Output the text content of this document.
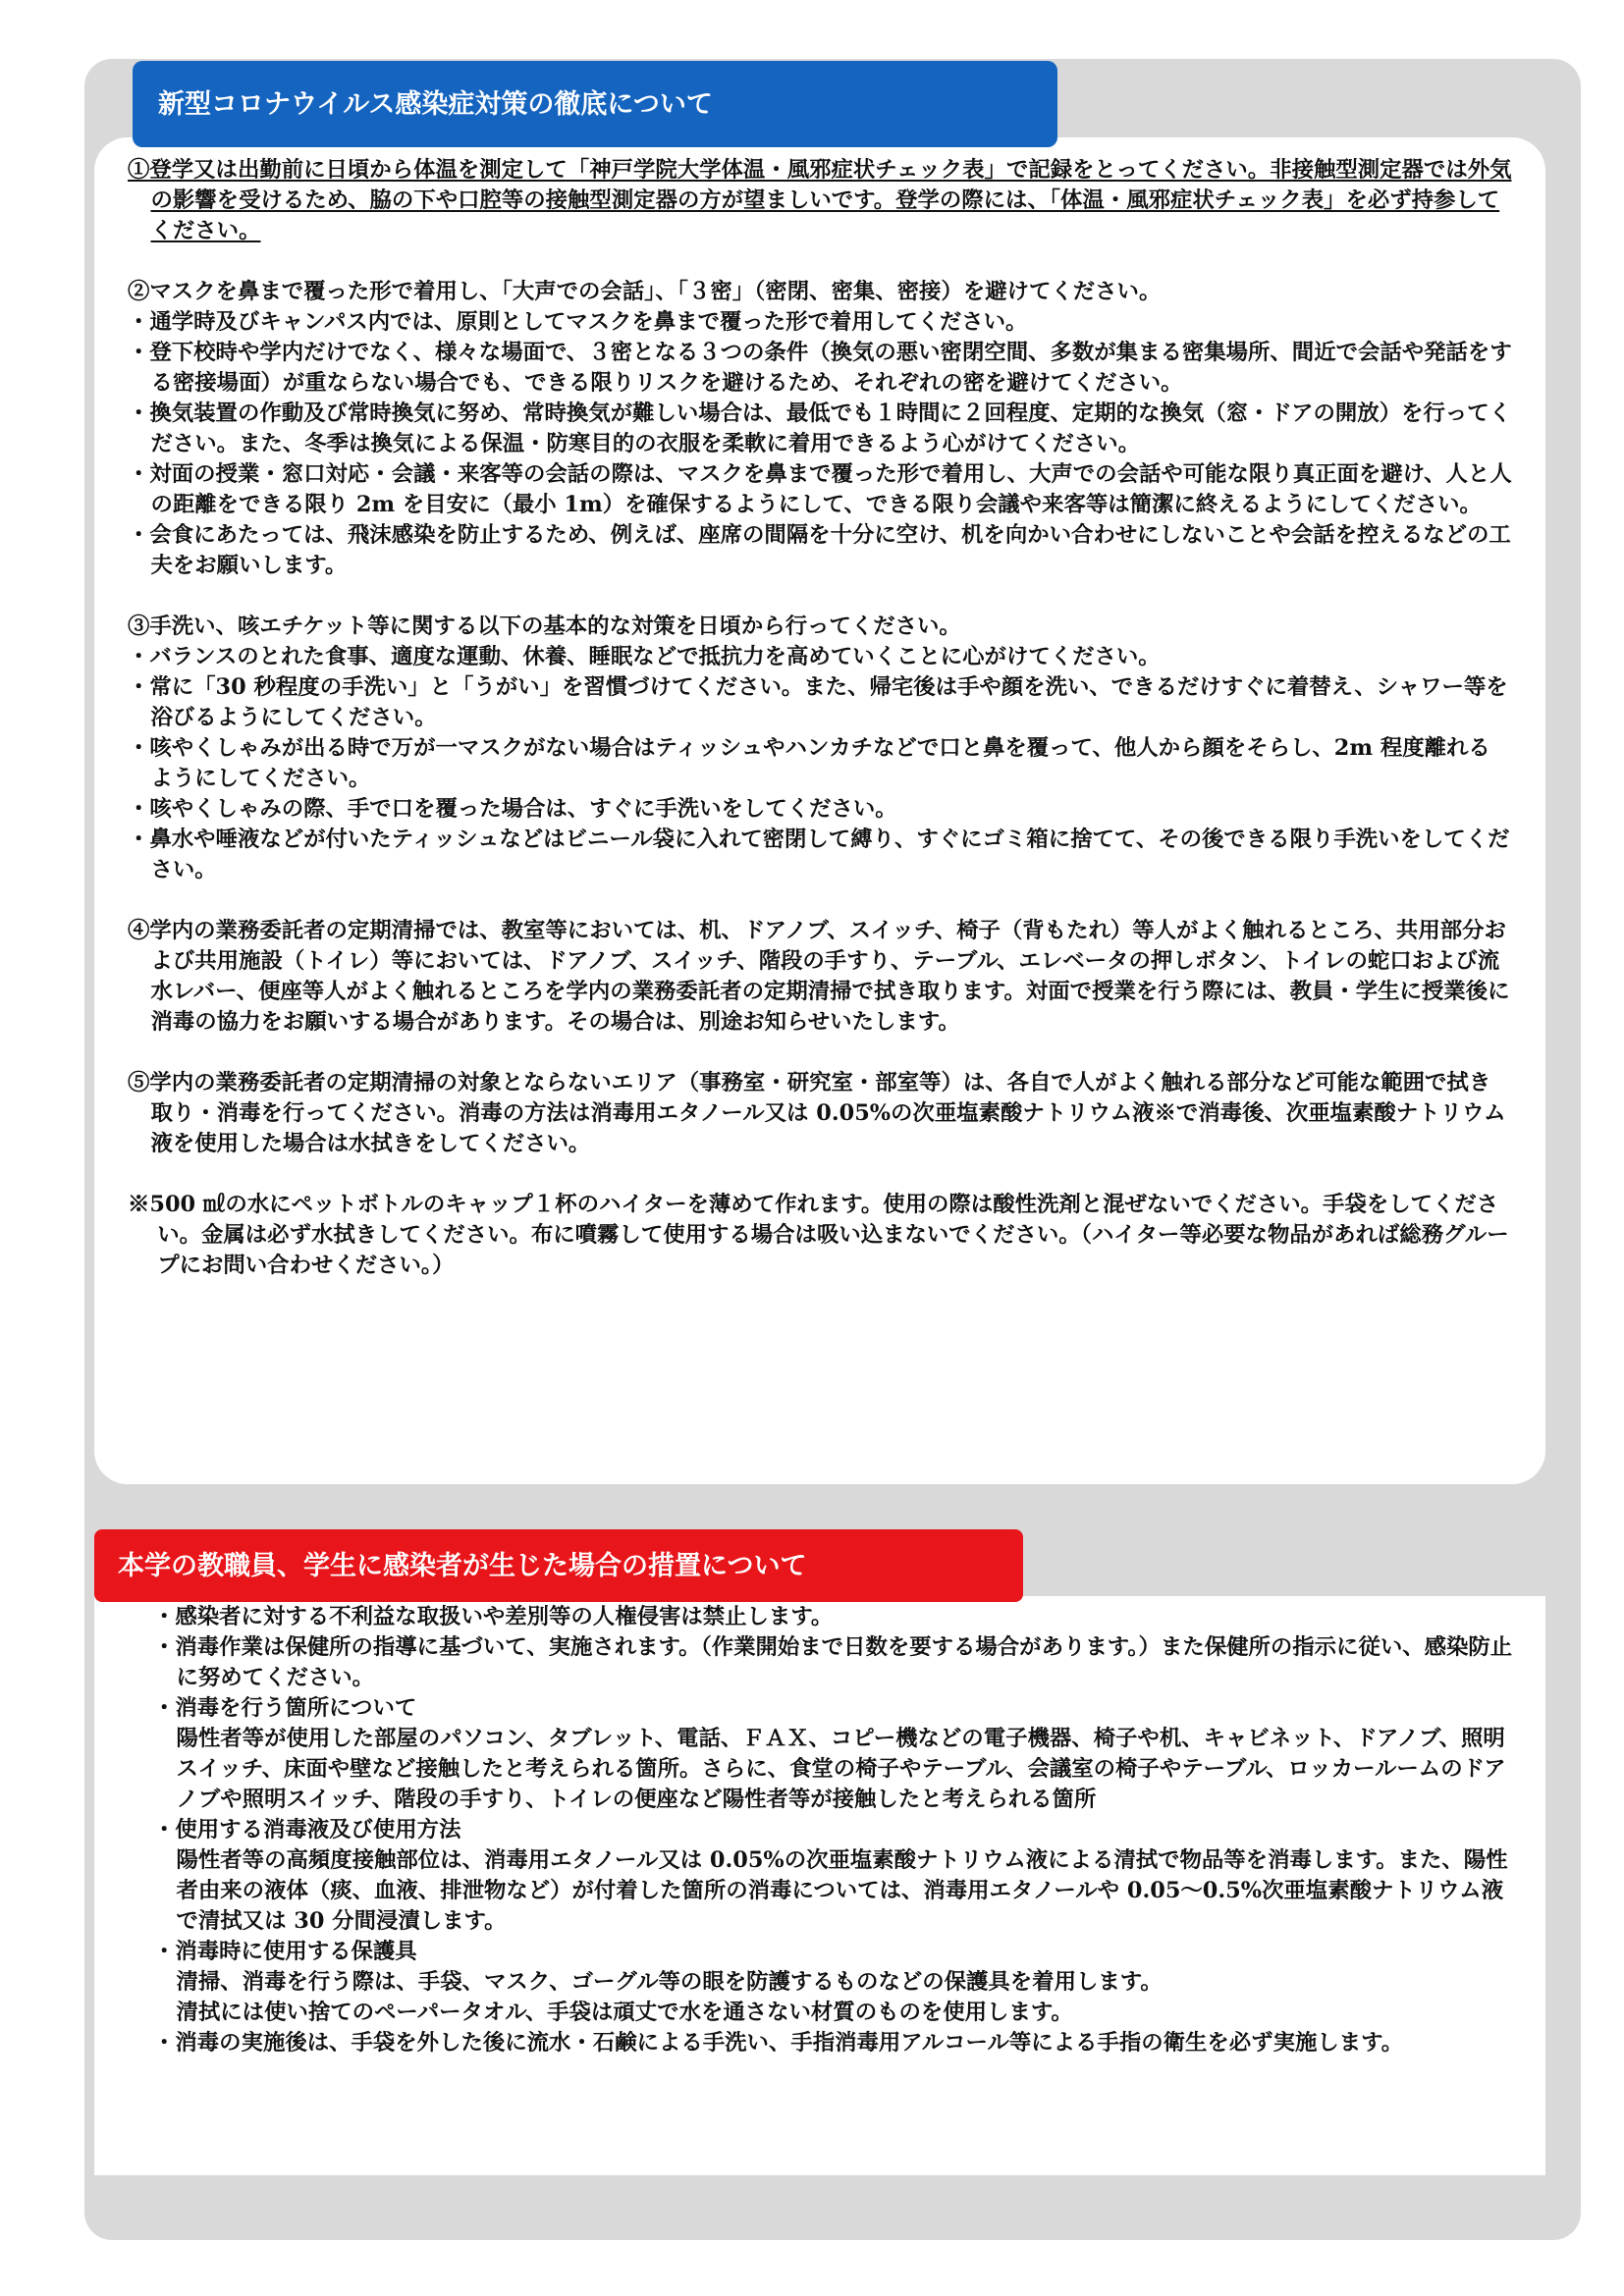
新型コロナウイルス感染症対策の徹底について

①登学又は出勤前に日頃から体温を測定して「神戸学院大学体温・風邪症状チェック表」で記録をとってください。非接触型測定器では外気の影響を受けるため、脇の下や口腔等の接触型測定器の方が望ましいです。登学の際には、「体温・風邪症状チェック表」を必ず持参してください。

②マスクを鼻まで覆った形で着用し、「大声での会話」、「３密」（密閉、密集、密接）を避けてください。

・通学時及びキャンパス内では、原則としてマスクを鼻まで覆った形で着用してください。

・登下校時や学内だけでなく、様々な場面で、３密となる３つの条件（換気の悪い密閉空間、多数が集まる密集場所、間近で会話や発話をする密接場面）が重ならない場合でも、できる限りリスクを避けるため、それぞれの密を避けてください。

・換気装置の作動及び常時換気に努め、常時換気が難しい場合は、最低でも１時間に２回程度、定期的な換気（窓・ドアの開放）を行ってください。また、冬季は換気による保温・防寒目的の衣服を柔軟に着用できるよう心がけてください。

・対面の授業・窓口対応・会議・来客等の会話の際は、マスクを鼻まで覆った形で着用し、大声での会話や可能な限り真正面を避け、人と人の距離をできる限り 2m を目安に（最小 1m）を確保するようにして、できる限り会議や来客等は簡潔に終えるようにしてください。

・会食にあたっては、飛沫感染を防止するため、例えば、座席の間隔を十分に空け、机を向かい合わせにしないことや会話を控えるなどの工夫をお願いします。

③手洗い、咳エチケット等に関する以下の基本的な対策を日頃から行ってください。

・バランスのとれた食事、適度な運動、休養、睡眠などで抵抗力を高めていくことに心がけてください。

・常に「30 秒程度の手洗い」と「うがい」を習慣づけてください。また、帰宅後は手や顔を洗い、できるだけすぐに着替え、シャワー等を浴びるようにしてください。

・咳やくしゃみが出る時で万が一マスクがない場合はティッシュやハンカチなどで口と鼻を覆って、他人から顔をそらし、2m 程度離れるようにしてください。

・咳やくしゃみの際、手で口を覆った場合は、すぐに手洗いをしてください。

・鼻水や唾液などが付いたティッシュなどはビニール袋に入れて密閉して縛り、すぐにゴミ箱に捨てて、その後できる限り手洗いをしてください。

④学内の業務委託者の定期清掃では、教室等においては、机、ドアノブ、スイッチ、椅子（背もたれ）等人がよく触れるところ、共用部分および共用施設（トイレ）等においては、ドアノブ、スイッチ、階段の手すり、テーブル、エレベータの押しボタン、トイレの蛇口および流水レバー、便座等人がよく触れるところを学内の業務委託者の定期清掃で拭き取ります。対面で授業を行う際には、教員・学生に授業後に消毒の協力をお願いする場合があります。その場合は、別途お知らせいたします。

⑤学内の業務委託者の定期清掃の対象とならないエリア（事務室・研究室・部室等）は、各自で人がよく触れる部分など可能な範囲で拭き取り・消毒を行ってください。消毒の方法は消毒用エタノール又は 0.05%の次亜塩素酸ナトリウム液※で消毒後、次亜塩素酸ナトリウム液を使用した場合は水拭きをしてください。

※500 ㎖の水にペットボトルのキャップ１杯のハイターを薄めて作れます。使用の際は酸性洗剤と混ぜないでください。手袋をしてください。金属は必ず水拭きしてください。布に噴霧して使用する場合は吸い込まないでください。（ハイター等必要な物品があれば総務グループにお問い合わせください。）

本学の教職員、学生に感染者が生じた場合の措置について

・感染者に対する不利益な取扱いや差別等の人権侵害は禁止します。

・消毒作業は保健所の指導に基づいて、実施されます。（作業開始まで日数を要する場合があります。）また保健所の指示に従い、感染防止に努めてください。

・消毒を行う箇所について

陽性者等が使用した部屋のパソコン、タブレット、電話、ＦＡＸ、コピー機などの電子機器、椅子や机、キャビネット、ドアノブ、照明スイッチ、床面や壁など接触したと考えられる箇所。さらに、食堂の椅子やテーブル、会議室の椅子やテーブル、ロッカールームのドアノブや照明スイッチ、階段の手すり、トイレの便座など陽性者等が接触したと考えられる箇所

・使用する消毒液及び使用方法

陽性者等の高頻度接触部位は、消毒用エタノール又は 0.05%の次亜塩素酸ナトリウム液による清拭で物品等を消毒します。また、陽性者由来の液体（痰、血液、排泄物など）が付着した箇所の消毒については、消毒用エタノールや 0.05～0.5%次亜塩素酸ナトリウム液で清拭又は 30 分間浸漬します。

・消毒時に使用する保護具

清掃、消毒を行う際は、手袋、マスク、ゴーグル等の眼を防護するものなどの保護具を着用します。

清拭には使い捨てのペーパータオル、手袋は頑丈で水を通さない材質のものを使用します。

・消毒の実施後は、手袋を外した後に流水・石鹸による手洗い、手指消毒用アルコール等による手指の衛生を必ず実施します。
